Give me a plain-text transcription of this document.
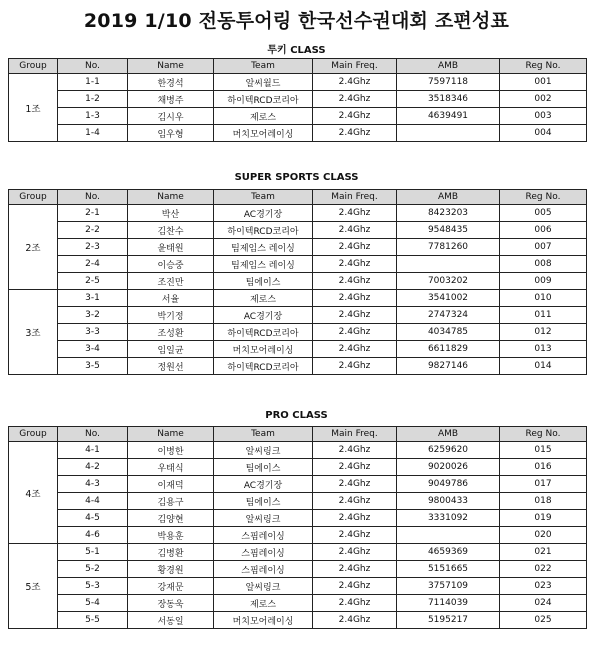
2019 1/10 전동투어링 한국선수권대회 조편성표
투키 CLASS
Group	No.	Name	Team	Main Freq.	AMB	Reg No.
1조	1-1	한경석	알씨월드	2.4Ghz	7597118	001
	1-2	채병주	하이텍RCD코리아	2.4Ghz	3518346	002
	1-3	김시우	제로스	2.4Ghz	4639491	003
	1-4	임우형	머치모어레이싱	2.4Ghz		004
SUPER SPORTS CLASS
Group	No.	Name	Team	Main Freq.	AMB	Reg No.
2조	2-1	박산	AC경기장	2.4Ghz	8423203	005
	2-2	김찬수	하이텍RCD코리아	2.4Ghz	9548435	006
	2-3	윤태원	팀제임스 레이싱	2.4Ghz	7781260	007
	2-4	이승중	팀제임스 레이싱	2.4Ghz		008
	2-5	조진만	팀에이스	2.4Ghz	7003202	009
3조	3-1	서율	제로스	2.4Ghz	3541002	010
	3-2	박기정	AC경기장	2.4Ghz	2747324	011
	3-3	조성환	하이텍RCD코리아	2.4Ghz	4034785	012
	3-4	임일균	머치모어레이싱	2.4Ghz	6611829	013
	3-5	정원선	하이텍RCD코리아	2.4Ghz	9827146	014
PRO CLASS
Group	No.	Name	Team	Main Freq.	AMB	Reg No.
4조	4-1	이병한	알씨링크	2.4Ghz	6259620	015
	4-2	우태식	팀에이스	2.4Ghz	9020026	016
	4-3	이재덕	AC경기장	2.4Ghz	9049786	017
	4-4	김용구	팀에이스	2.4Ghz	9800433	018
	4-5	김양현	알씨링크	2.4Ghz	3331092	019
	4-6	박용훈	스핌레이싱	2.4Ghz		020
5조	5-1	김병환	스핌레이싱	2.4Ghz	4659369	021
	5-2	황경원	스핌레이싱	2.4Ghz	5151665	022
	5-3	강재문	알씨링크	2.4Ghz	3757109	023
	5-4	장동욱	제로스	2.4Ghz	7114039	024
	5-5	서동일	머치모어레이싱	2.4Ghz	5195217	025
